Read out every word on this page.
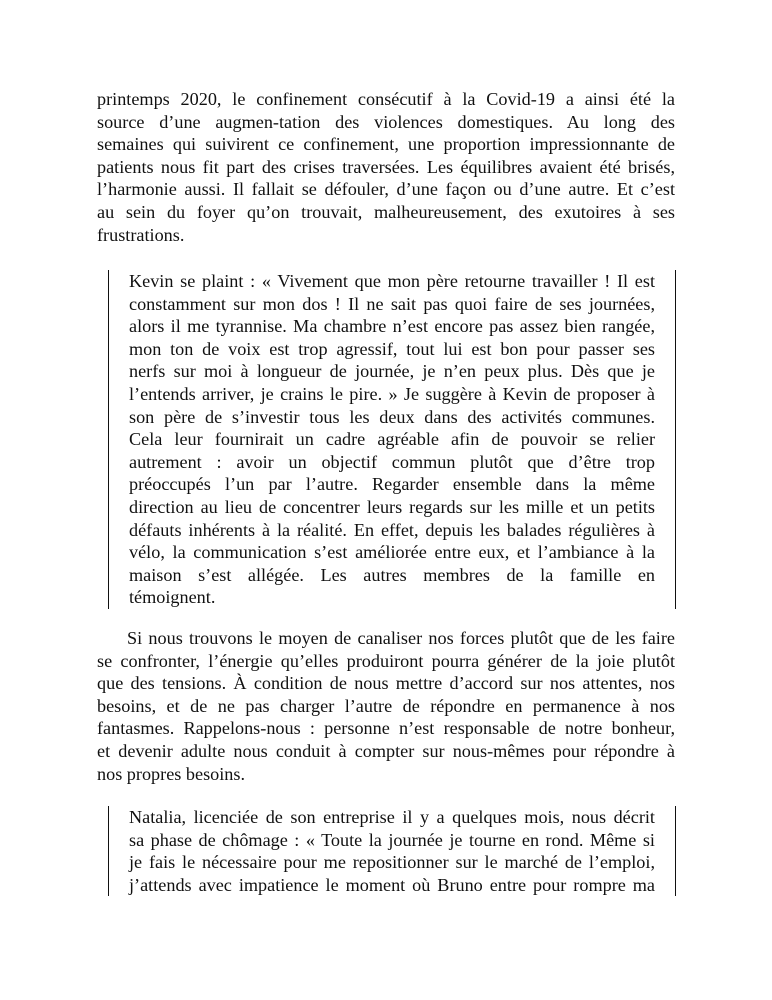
printemps 2020, le confinement consécutif à la Covid-19 a ainsi été la
source d’une augmen-tation des violences domestiques. Au long des
semaines qui suivirent ce confinement, une proportion impressionnante de
patients nous fit part des crises traversées. Les équilibres avaient été brisés,
l’harmonie aussi. Il fallait se défouler, d’une façon ou d’une autre. Et c’est
au sein du foyer qu’on trouvait, malheureusement, des exutoires à ses
frustrations.
Kevin se plaint : « Vivement que mon père retourne travailler ! Il est
constamment sur mon dos ! Il ne sait pas quoi faire de ses journées,
alors il me tyrannise. Ma chambre n’est encore pas assez bien rangée,
mon ton de voix est trop agressif, tout lui est bon pour passer ses
nerfs sur moi à longueur de journée, je n’en peux plus. Dès que je
l’entends arriver, je crains le pire. » Je suggère à Kevin de proposer à
son père de s’investir tous les deux dans des activités communes.
Cela leur fournirait un cadre agréable afin de pouvoir se relier
autrement : avoir un objectif commun plutôt que d’être trop
préoccupés l’un par l’autre. Regarder ensemble dans la même
direction au lieu de concentrer leurs regards sur les mille et un petits
défauts inhérents à la réalité. En effet, depuis les balades régulières à
vélo, la communication s’est améliorée entre eux, et l’ambiance à la
maison s’est allégée. Les autres membres de la famille en
témoignent.
Si nous trouvons le moyen de canaliser nos forces plutôt que de les faire
se confronter, l’énergie qu’elles produiront pourra générer de la joie plutôt
que des tensions. À condition de nous mettre d’accord sur nos attentes, nos
besoins, et de ne pas charger l’autre de répondre en permanence à nos
fantasmes. Rappelons-nous : personne n’est responsable de notre bonheur,
et devenir adulte nous conduit à compter sur nous-mêmes pour répondre à
nos propres besoins.
Natalia, licenciée de son entreprise il y a quelques mois, nous décrit
sa phase de chômage : « Toute la journée je tourne en rond. Même si
je fais le nécessaire pour me repositionner sur le marché de l’emploi,
j’attends avec impatience le moment où Bruno entre pour rompre ma
